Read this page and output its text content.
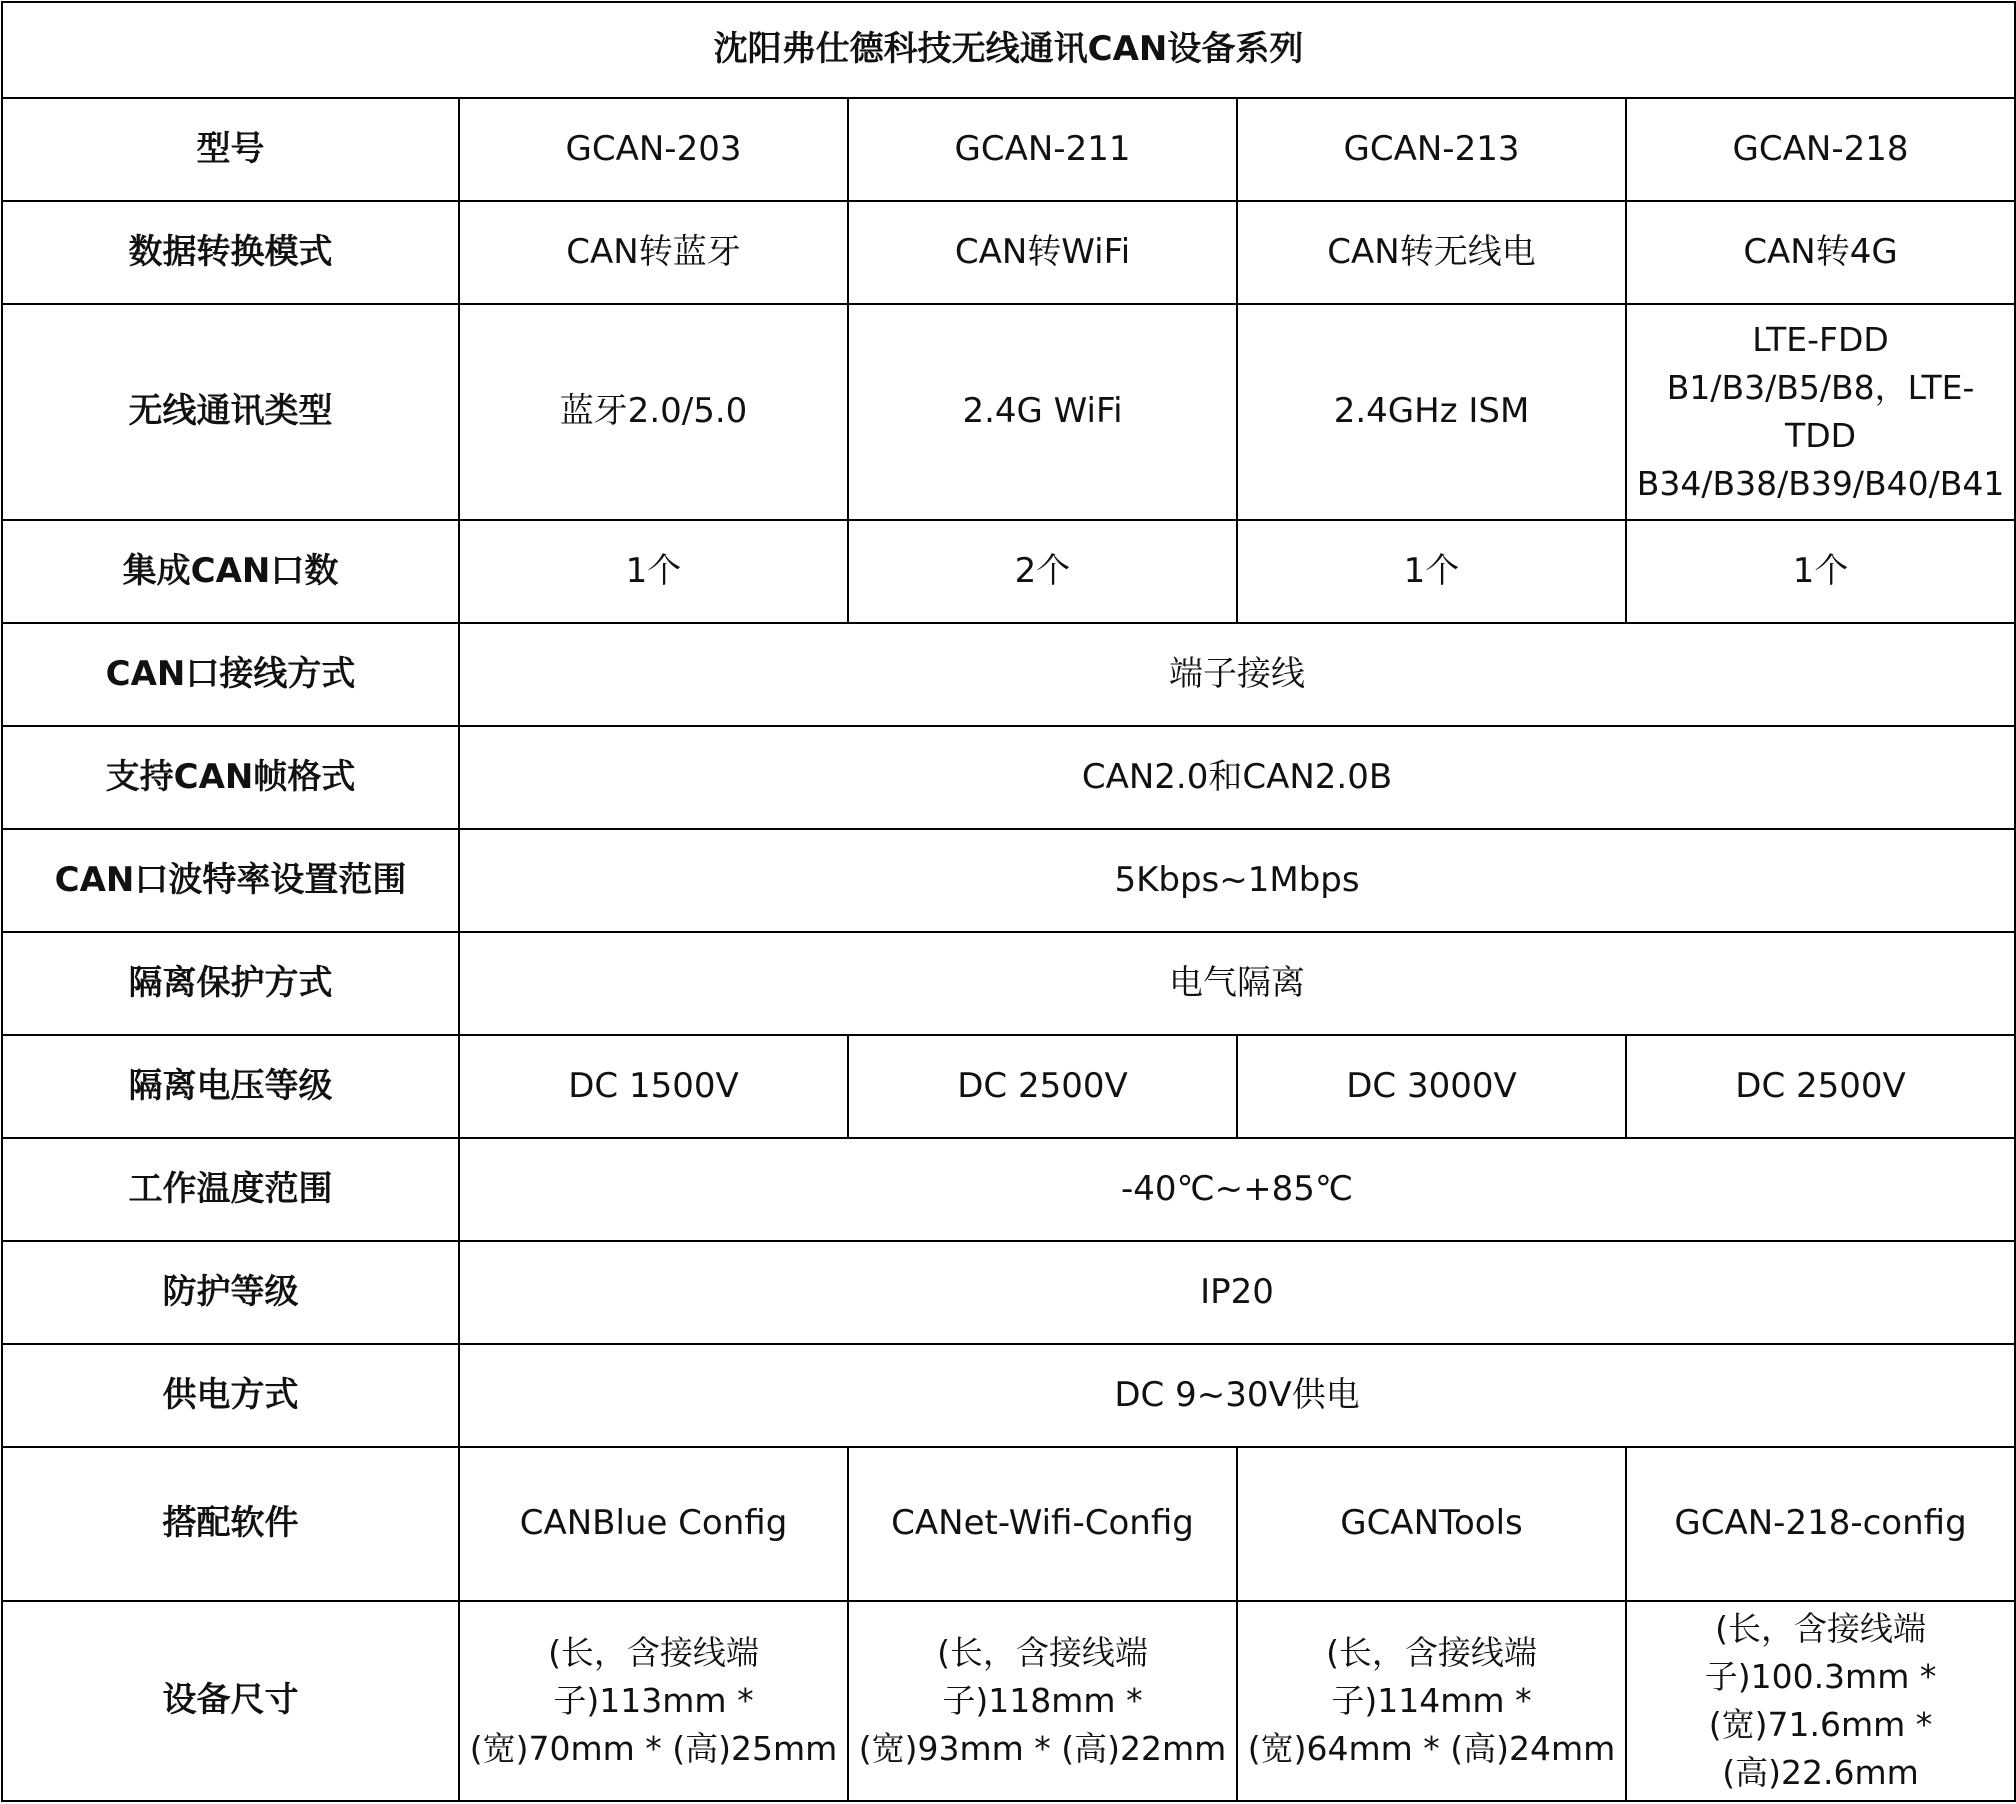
沈阳弗仕德科技无线通讯CAN设备系列				
型号	GCAN-203	GCAN-211	GCAN-213	GCAN-218
数据转换模式	CAN转蓝牙	CAN转WiFi	CAN转无线电	CAN转4G
无线通讯类型	蓝牙2.0/5.0	2.4G WiFi	2.4GHz ISM	LTE-FDD B1/B3/B5/B8，LTE-TDD B34/B38/B39/B40/B41
集成CAN口数	1个	2个	1个	1个
CAN口接线方式	端子接线			
支持CAN帧格式	CAN2.0和CAN2.0B			
CAN口波特率设置范围	5Kbps~1Mbps			
隔离保护方式	电气隔离			
隔离电压等级	DC 1500V	DC 2500V	DC 3000V	DC 2500V
工作温度范围	-40℃~+85℃			
防护等级	IP20			
供电方式	DC 9~30V供电			
搭配软件	CANBlue Config	CANet-Wifi-Config	GCANTools	GCAN-218-config
设备尺寸	(长，含接线端子)113mm * (宽)70mm * (高)25mm	(长，含接线端子)118mm * (宽)93mm * (高)22mm	(长，含接线端子)114mm * (宽)64mm * (高)24mm	(长，含接线端子)100.3mm * (宽)71.6mm * (高)22.6mm
